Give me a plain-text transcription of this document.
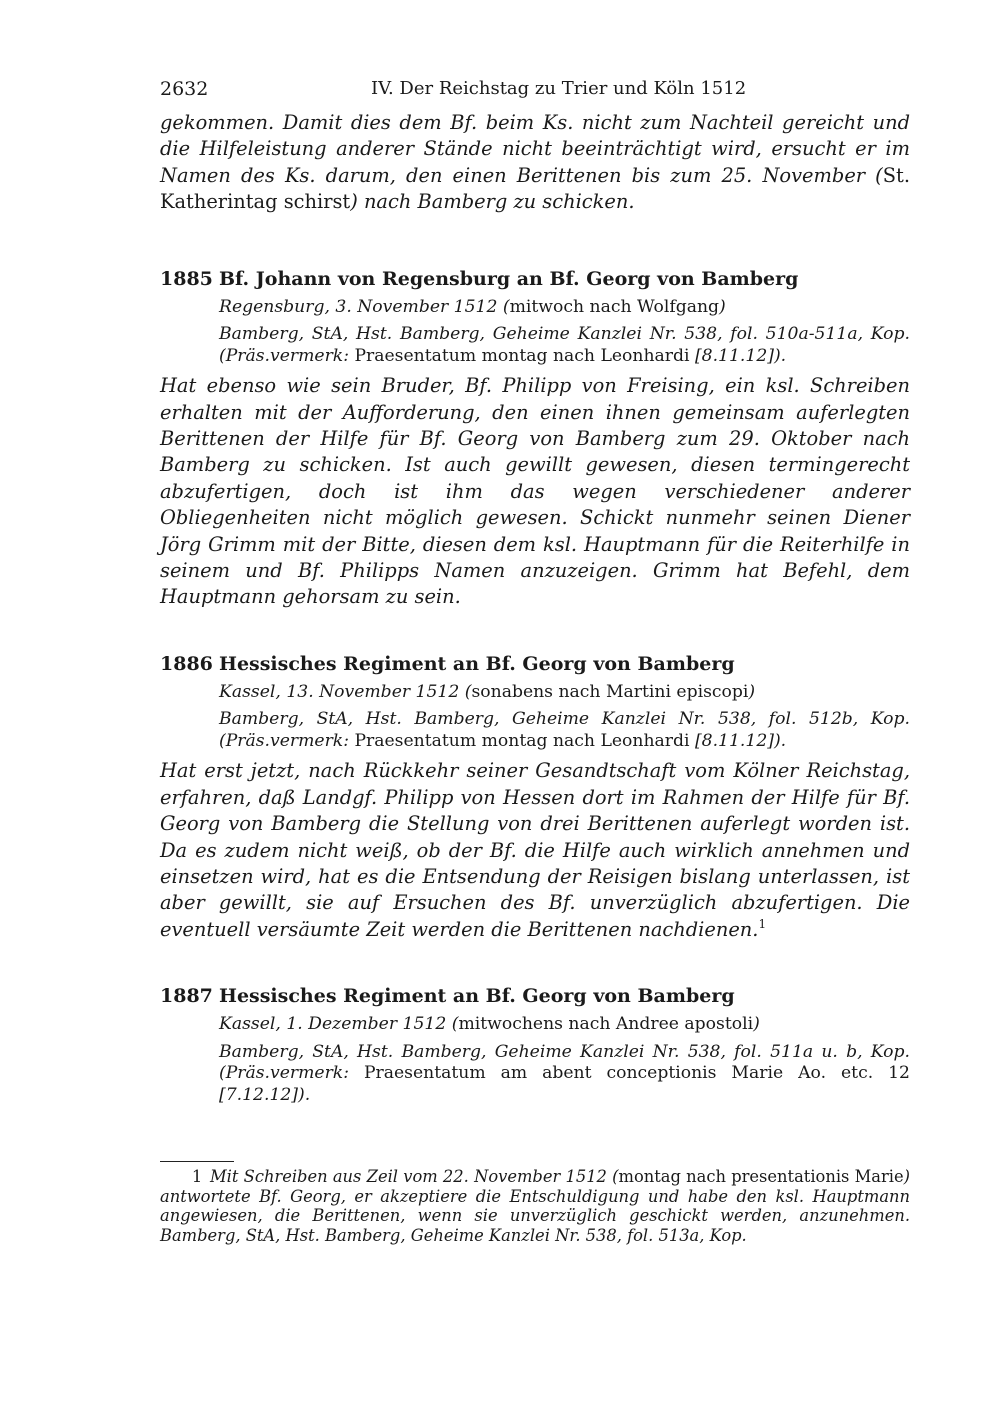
2632	IV. Der Reichstag zu Trier und Köln 1512

gekommen. Damit dies dem Bf. beim Ks. nicht zum Nachteil gereicht und die Hilfeleistung anderer Stände nicht beeinträchtigt wird, ersucht er im Namen des Ks. darum, den einen Berittenen bis zum 25. November (St. Katherintag schirst) nach Bamberg zu schicken.

1885 Bf. Johann von Regensburg an Bf. Georg von Bamberg

Regensburg, 3. November 1512 (mitwoch nach Wolfgang)

Bamberg, StA, Hst. Bamberg, Geheime Kanzlei Nr. 538, fol. 510a-511a, Kop. (Präs.vermerk: Praesentatum montag nach Leonhardi [8.11.12]).

Hat ebenso wie sein Bruder, Bf. Philipp von Freising, ein ksl. Schreiben erhalten mit der Aufforderung, den einen ihnen gemeinsam auferlegten Berittenen der Hilfe für Bf. Georg von Bamberg zum 29. Oktober nach Bamberg zu schicken. Ist auch gewillt gewesen, diesen termingerecht abzufertigen, doch ist ihm das wegen verschiedener anderer Obliegenheiten nicht möglich gewesen. Schickt nunmehr seinen Diener Jörg Grimm mit der Bitte, diesen dem ksl. Hauptmann für die Reiterhilfe in seinem und Bf. Philipps Namen anzuzeigen. Grimm hat Befehl, dem Hauptmann gehorsam zu sein.

1886 Hessisches Regiment an Bf. Georg von Bamberg

Kassel, 13. November 1512 (sonabens nach Martini episcopi)

Bamberg, StA, Hst. Bamberg, Geheime Kanzlei Nr. 538, fol. 512b, Kop. (Präs.vermerk: Praesentatum montag nach Leonhardi [8.11.12]).

Hat erst jetzt, nach Rückkehr seiner Gesandtschaft vom Kölner Reichstag, erfahren, daß Landgf. Philipp von Hessen dort im Rahmen der Hilfe für Bf. Georg von Bamberg die Stellung von drei Berittenen auferlegt worden ist. Da es zudem nicht weiß, ob der Bf. die Hilfe auch wirklich annehmen und einsetzen wird, hat es die Entsendung der Reisigen bislang unterlassen, ist aber gewillt, sie auf Ersuchen des Bf. unverzüglich abzufertigen. Die eventuell versäumte Zeit werden die Berittenen nachdienen.$^1$

1887 Hessisches Regiment an Bf. Georg von Bamberg

Kassel, 1. Dezember 1512 (mitwochens nach Andree apostoli)

Bamberg, StA, Hst. Bamberg, Geheime Kanzlei Nr. 538, fol. 511a u. b, Kop. (Präs.vermerk: Praesentatum am abent conceptionis Marie Ao. etc. 12 [7.12.12]).

1 Mit Schreiben aus Zeil vom 22. November 1512 (montag nach presentationis Marie) antwortete Bf. Georg, er akzeptiere die Entschuldigung und habe den ksl. Hauptmann angewiesen, die Berittenen, wenn sie unverzüglich geschickt werden, anzunehmen. Bamberg, StA, Hst. Bamberg, Geheime Kanzlei Nr. 538, fol. 513a, Kop.
